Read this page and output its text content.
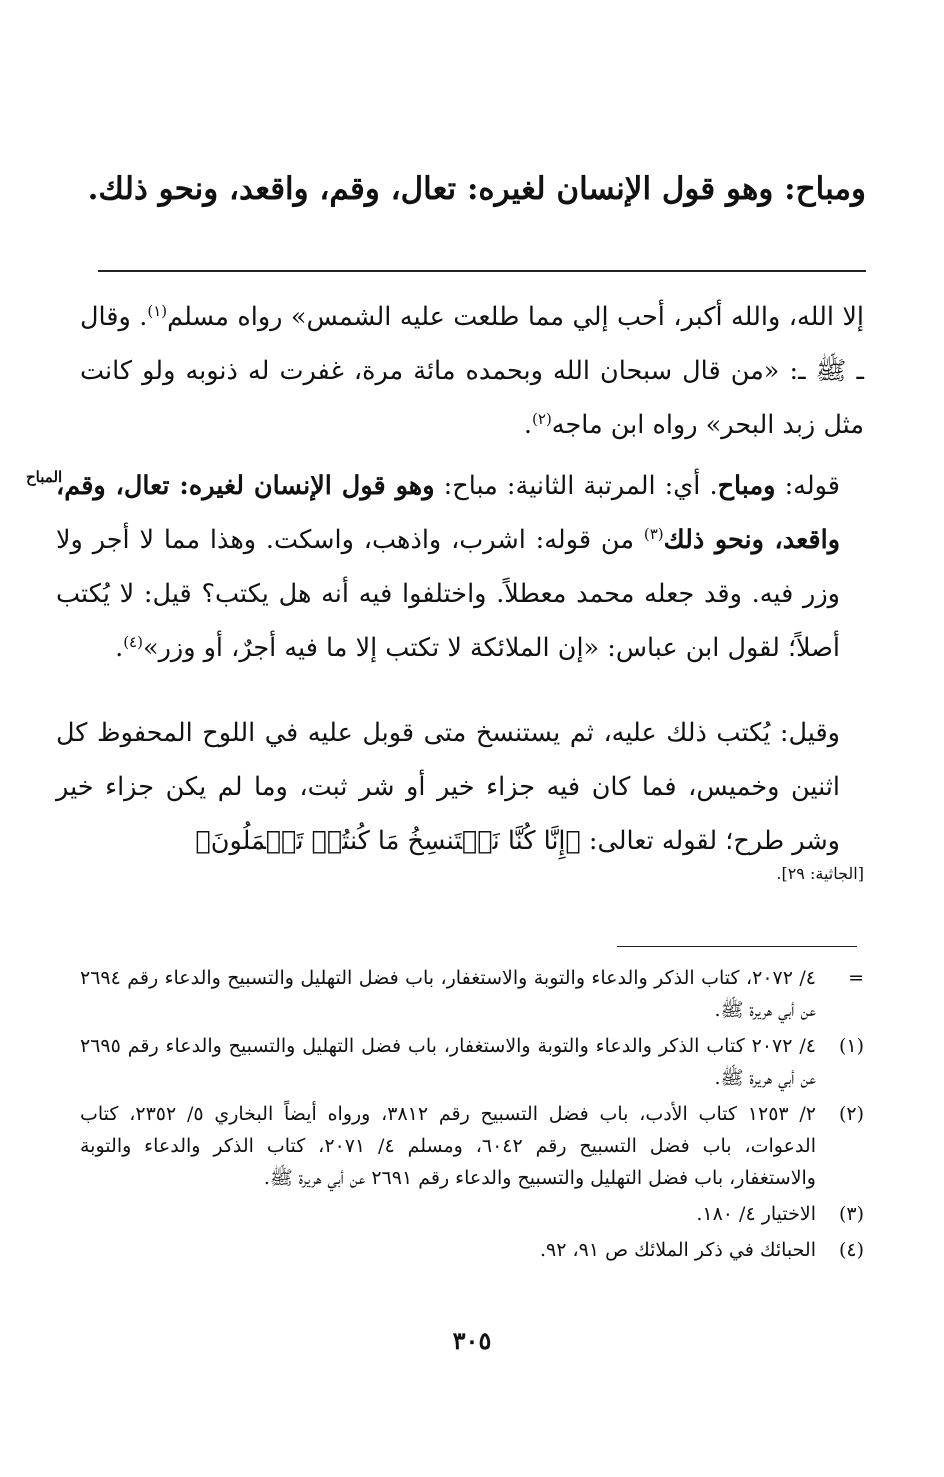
ومباح: وهو قول الإنسان لغيره: تعال، وقم، واقعد، ونحو ذلك.
إلا الله، والله أكبر، أحب إلي مما طلعت عليه الشمس» رواه مسلم$^{(١)}$. وقال ـ ﷺ ـ: «من قال سبحان الله وبحمده مائة مرة، غفرت له ذنوبه ولو كانت مثل زبد البحر» رواه ابن ماجه$^{(٢)}$.
قوله: ومباح. أي: المرتبة الثانية: مباح: وهو قول الإنسان لغيره: تعال، وقم، واقعد، ونحو ذلك$^{(٣)}$ من قوله: اشرب، واذهب، واسكت. وهذا مما لا أجر ولا وزر فيه. وقد جعله محمد معطلاً. واختلفوا فيه أنه هل يكتب؟ قيل: لا يُكتب أصلاً؛ لقول ابن عباس: «إن الملائكة لا تكتب إلا ما فيه أجرٌ، أو وزر»$^{(٤)}$.
المباح
وقيل: يُكتب ذلك عليه، ثم يستنسخ متى قوبل عليه في اللوح المحفوظ كل اثنين وخميس، فما كان فيه جزاء خير أو شر ثبت، وما لم يكن جزاء خير وشر طرح؛ لقوله تعالى: ﴿إِنَّا كُنَّا نَسۡتَنسِخُ مَا كُنتُمۡ تَعۡمَلُونَ﴾
[الجاثية: ٢٩].
=
٤/ ٢٠٧٢، كتاب الذكر والدعاء والتوبة والاستغفار، باب فضل التهليل والتسبيح والدعاء رقم ٢٦٩٤ عن أبي هريرة ﷺ.
(١)
٤/ ٢٠٧٢ كتاب الذكر والدعاء والتوبة والاستغفار، باب فضل التهليل والتسبيح والدعاء رقم ٢٦٩٥ عن أبي هريرة ﷺ.
(٢)
٢/ ١٢٥٣ كتاب الأدب، باب فضل التسبيح رقم ٣٨١٢، ورواه أيضاً البخاري ٥/ ٢٣٥٢، كتاب الدعوات، باب فضل التسبيح رقم ٦٠٤٢، ومسلم ٤/ ٢٠٧١، كتاب الذكر والدعاء والتوبة والاستغفار، باب فضل التهليل والتسبيح والدعاء رقم ٢٦٩١ عن أبي هريرة ﷺ.
(٣)
الاختيار ٤/ ١٨٠.
(٤)
الحبائك في ذكر الملائك ص ٩١، ٩٢.
٣٠٥
